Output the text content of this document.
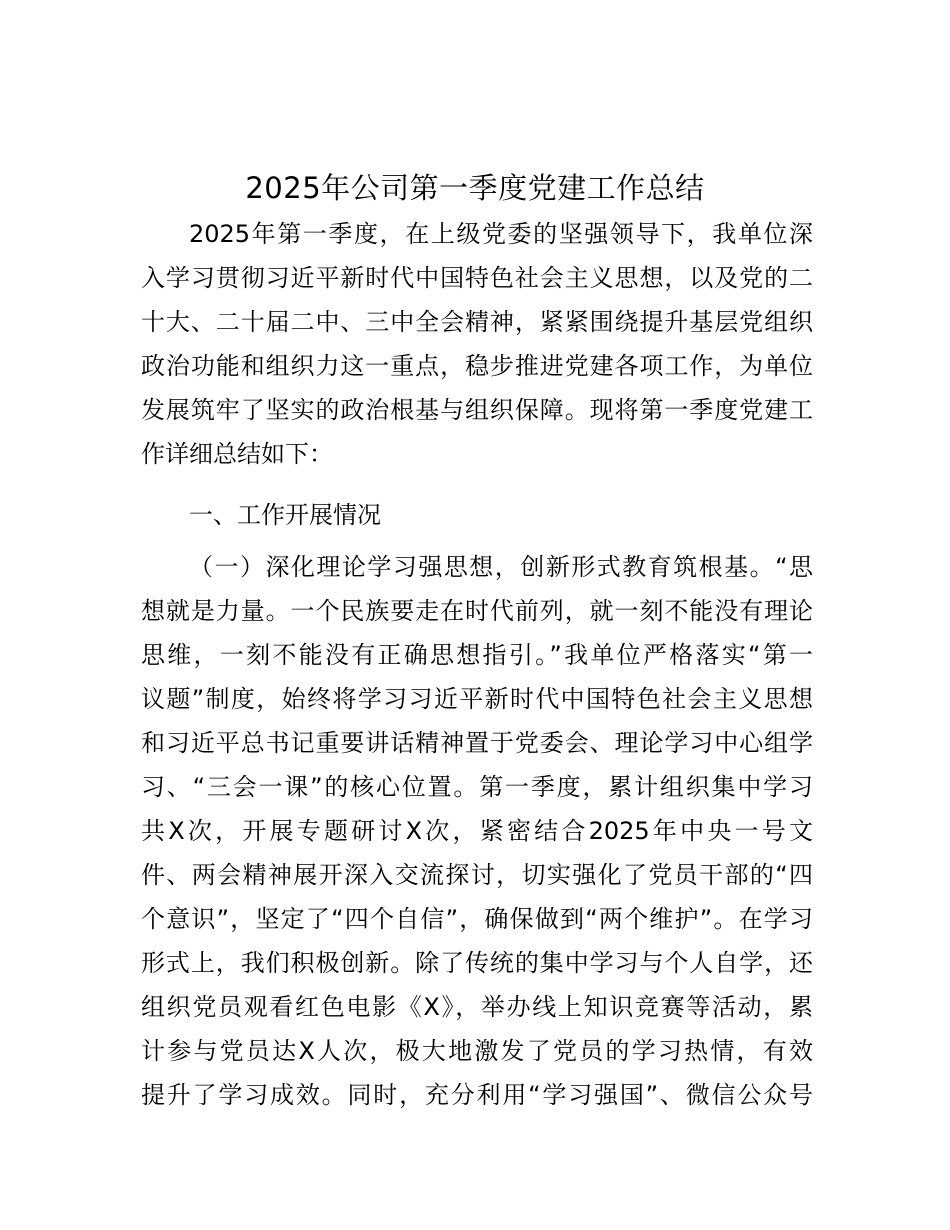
2025年公司第一季度党建工作总结

2025年第一季度，在上级党委的坚强领导下，我单位深

入学习贯彻习近平新时代中国特色社会主义思想，以及党的二

十大、二十届二中、三中全会精神，紧紧围绕提升基层党组织

政治功能和组织力这一重点，稳步推进党建各项工作，为单位

发展筑牢了坚实的政治根基与组织保障。现将第一季度党建工

作详细总结如下：

一、工作开展情况

（一）深化理论学习强思想，创新形式教育筑根基。“思

想就是力量。一个民族要走在时代前列，就一刻不能没有理论

思维，一刻不能没有正确思想指引。”我单位严格落实“第一

议题”制度，始终将学习习近平新时代中国特色社会主义思想

和习近平总书记重要讲话精神置于党委会、理论学习中心组学

习、“三会一课”的核心位置。第一季度，累计组织集中学习

共X次，开展专题研讨X次，紧密结合2025年中央一号文

件、两会精神展开深入交流探讨，切实强化了党员干部的“四

个意识”，坚定了“四个自信”，确保做到“两个维护”。在学习

形式上，我们积极创新。除了传统的集中学习与个人自学，还

组织党员观看红色电影《X》，举办线上知识竞赛等活动，累

计参与党员达X人次，极大地激发了党员的学习热情，有效

提升了学习成效。同时，充分利用“学习强国”、微信公众号
